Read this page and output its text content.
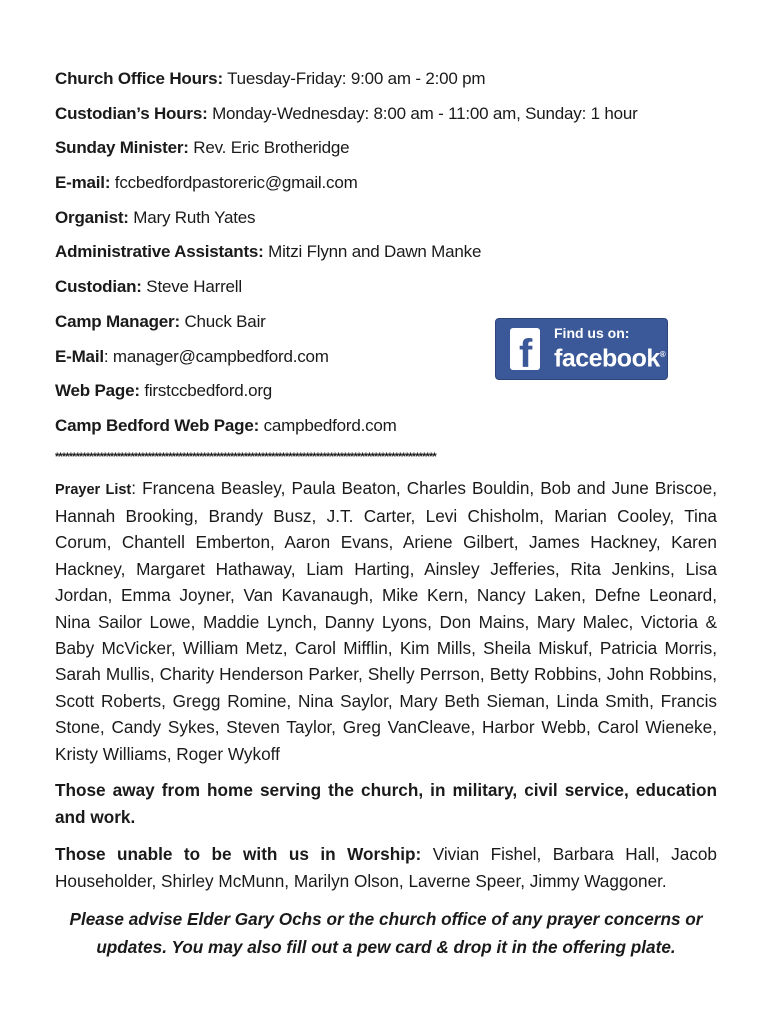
Church Office Hours: Tuesday-Friday: 9:00 am - 2:00 pm
Custodian’s Hours: Monday-Wednesday: 8:00 am - 11:00 am, Sunday: 1 hour
Sunday Minister: Rev. Eric Brotheridge
E-mail: fccbedfordpastoreric@gmail.com
Organist: Mary Ruth Yates
Administrative Assistants: Mitzi Flynn and Dawn Manke
Custodian: Steve Harrell
Camp Manager: Chuck Bair
E-Mail: manager@campbedford.com
Web Page: firstccbedford.org
Camp Bedford Web Page: campbedford.com
***************************************************************************************************************
Prayer List: Francena Beasley, Paula Beaton, Charles Bouldin, Bob and June Briscoe, Hannah Brooking, Brandy Busz, J.T. Carter, Levi Chisholm, Marian Cooley, Tina Corum, Chantell Emberton, Aaron Evans, Ariene Gilbert, James Hackney, Karen Hackney, Margaret Hathaway, Liam Harting, Ainsley Jefferies, Rita Jenkins, Lisa Jordan, Emma Joyner, Van Kavanaugh, Mike Kern, Nancy Laken, Defne Leonard, Nina Sailor Lowe, Maddie Lynch, Danny Lyons, Don Mains, Mary Malec, Victoria & Baby McVicker, William Metz, Carol Mifflin, Kim Mills, Sheila Miskuf, Patricia Morris, Sarah Mullis, Charity Henderson Parker, Shelly Perrson, Betty Robbins, John Robbins, Scott Roberts, Gregg Romine, Nina Saylor, Mary Beth Sieman, Linda Smith, Francis Stone, Candy Sykes, Steven Taylor, Greg VanCleave, Harbor Webb, Carol Wieneke, Kristy Williams, Roger Wykoff
Those away from home serving the church, in military, civil service, education and work.
Those unable to be with us in Worship: Vivian Fishel, Barbara Hall, Jacob Householder, Shirley McMunn, Marilyn Olson, Laverne Speer, Jimmy Waggoner.
Please advise Elder Gary Ochs or the church office of any prayer concerns or updates. You may also fill out a pew card & drop it in the offering plate.
f Find us on:
facebook®
